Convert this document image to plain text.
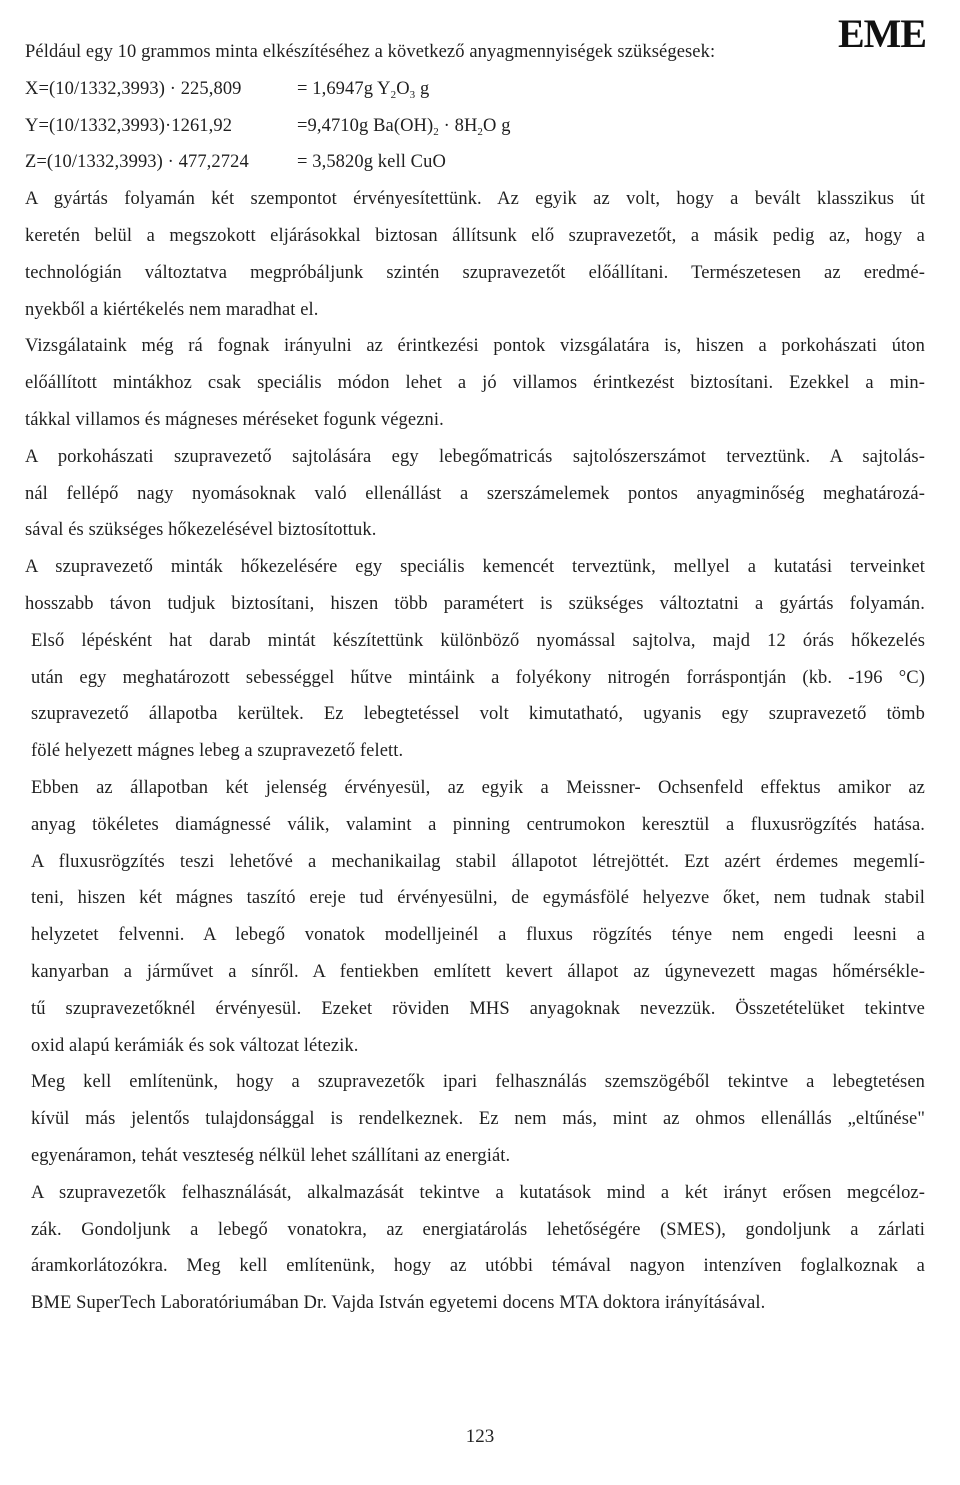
EME
Például egy 10 grammos minta elkészítéséhez a következő anyagmennyiségek szükségesek:
X=(10/1332,3993) · 225,809	= 1,6947g $Y_2O_3$ g
Y=(10/1332,3993)·1261,92	=9,4710g $Ba(OH)_2 \cdot 8H_2O$ g
Z=(10/1332,3993) · 477,2724	= 3,5820g kell CuO
A gyártás folyamán két szempontot érvényesítettünk. Az egyik az volt, hogy a bevált klasszikus út
keretén belül a megszokott eljárásokkal biztosan állítsunk elő szupravezetőt, a másik pedig az, hogy a
technológián változtatva megpróbáljunk szintén szupravezetőt előállítani. Természetesen az eredmé-
nyekből a kiértékelés nem maradhat el.
Vizsgálataink még rá fognak irányulni az érintkezési pontok vizsgálatára is, hiszen a porkohászati úton
előállított mintákhoz csak speciális módon lehet a jó villamos érintkezést biztosítani. Ezekkel a min-
tákkal villamos és mágneses méréseket fogunk végezni.
A porkohászati szupravezető sajtolására egy lebegőmatricás sajtolószerszámot terveztünk. A sajtolás-
nál fellépő nagy nyomásoknak való ellenállást a szerszámelemek pontos anyagminőség meghatározá-
sával és szükséges hőkezelésével biztosítottuk.
A szupravezető minták hőkezelésére egy speciális kemencét terveztünk, mellyel a kutatási terveinket
hosszabb távon tudjuk biztosítani, hiszen több paramétert is szükséges változtatni a gyártás folyamán.
Első lépésként hat darab mintát készítettünk különböző nyomással sajtolva, majd 12 órás hőkezelés
után egy meghatározott sebességgel hűtve mintáink a folyékony nitrogén forráspontján (kb. -196 °C)
szupravezető állapotba kerültek. Ez lebegtetéssel volt kimutatható, ugyanis egy szupravezető tömb
fölé helyezett mágnes lebeg a szupravezető felett.
Ebben az állapotban két jelenség érvényesül, az egyik a Meissner- Ochsenfeld effektus amikor az
anyag tökéletes diamágnessé válik, valamint a pinning centrumokon keresztül a fluxusrögzítés hatása.
A fluxusrögzítés teszi lehetővé a mechanikailag stabil állapotot létrejöttét. Ezt azért érdemes megemlí-
teni, hiszen két mágnes taszító ereje tud érvényesülni, de egymásfölé helyezve őket, nem tudnak stabil
helyzetet felvenni. A lebegő vonatok modelljeinél a fluxus rögzítés ténye nem engedi leesni a
kanyarban a járművet a sínről. A fentiekben említett kevert állapot az úgynevezett magas hőmérsékle-
tű szupravezetőknél érvényesül. Ezeket röviden MHS anyagoknak nevezzük. Összetételüket tekintve
oxid alapú kerámiák és sok változat létezik.
Meg kell említenünk, hogy a szupravezetők ipari felhasználás szemszögéből tekintve a lebegtetésen
kívül más jelentős tulajdonsággal is rendelkeznek. Ez nem más, mint az ohmos ellenállás „eltűnése"
egyenáramon, tehát veszteség nélkül lehet szállítani az energiát.
A szupravezetők felhasználását, alkalmazását tekintve a kutatások mind a két irányt erősen megcéloz-
zák. Gondoljunk a lebegő vonatokra, az energiatárolás lehetőségére (SMES), gondoljunk a zárlati
áramkorlátozókra. Meg kell említenünk, hogy az utóbbi témával nagyon intenzíven foglalkoznak a
BME SuperTech Laboratóriumában Dr. Vajda István egyetemi docens MTA doktora irányításával.
123
